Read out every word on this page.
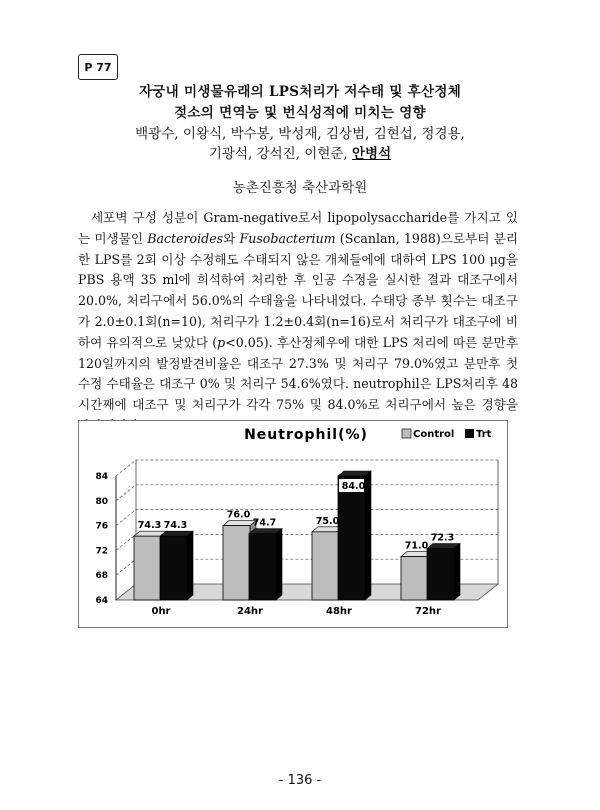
P 77
자궁내 미생물유래의 LPS처리가 저수태 및 후산정체
젖소의 면역능 및 번식성적에 미치는 영향
백광수, 이왕식, 박수봉, 박성재, 김상범, 김현섭, 정경용,
기광석, 강석진, 이현준, 안병석
농촌진흥청 축산과학원

세포벽 구성 성분이 Gram-negative로서 lipopolysaccharide를 가지고 있는 미생물인 Bacteroides와 Fusobacterium (Scanlan, 1988)으로부터 분리한 LPS를 2회 이상 수정해도 수태되지 않은 개체들에에 대하여 LPS 100 μg을 PBS 용액 35 ml에 희석하여 처리한 후 인공 수정을 실시한 결과 대조구에서 20.0%, 처리구에서 56.0%의 수태율을 나타내었다. 수태당 종부 횟수는 대조구가 2.0±0.1회(n=10), 처리구가 1.2±0.4회(n=16)로서 처리구가 대조구에 비하여 유의적으로 낮았다 (p<0.05). 후산정체우에 대한 LPS 처리에 따른 분만후 120일까지의 발정발견비율은 대조구 27.3% 및 처리구 79.0%였고 분만후 첫수정 수태율은 대조구 0% 및 처리구 54.6%였다. neutrophil은 LPS처리후 48시간째에 대조구 및 처리구가 각각 75% 및 84.0%로 처리구에서 높은 경향을

Neutrophil(%)	Control Trt
84
80
76
72
68
64
74.3 74.3
76.0
74.7	75.0
84.0
71.0
72.3
0hr	24hr	48hr	72hr
- 136 -
